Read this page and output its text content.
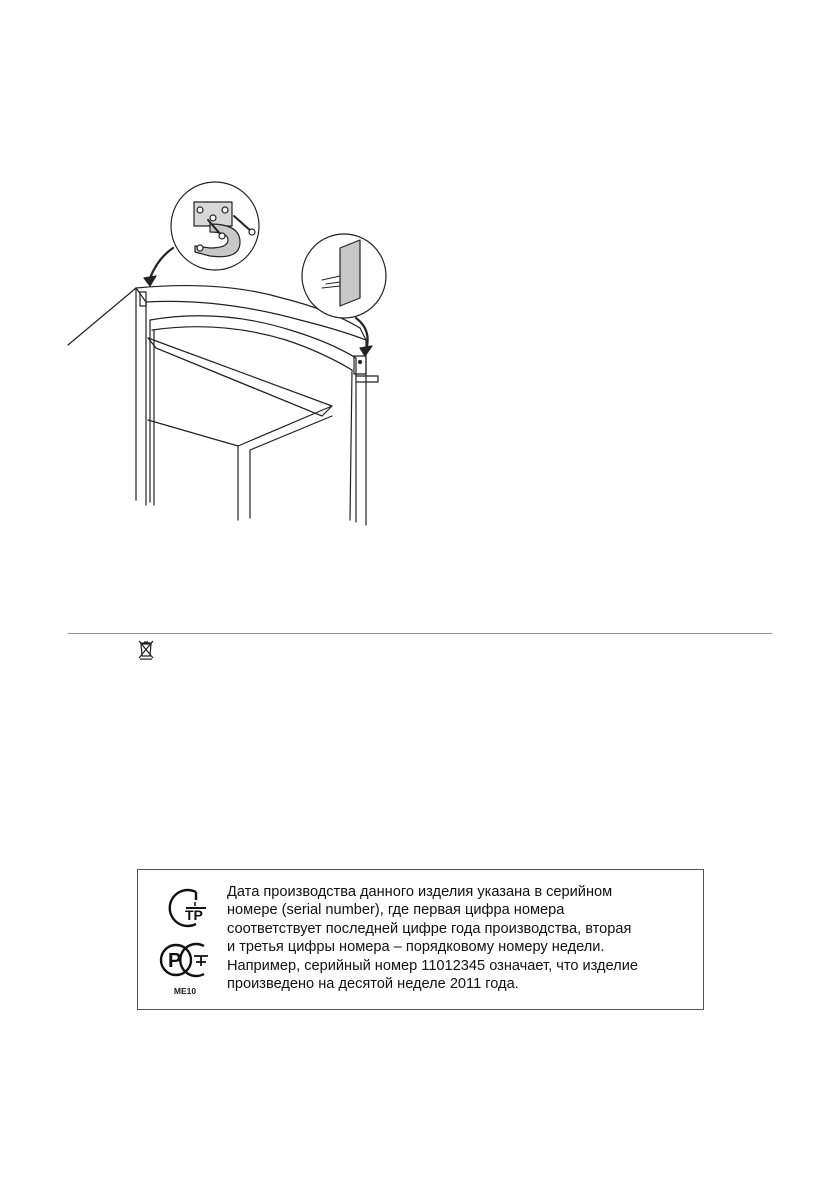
TP
P
ME10
Дата производства данного изделия указана в серийном
номере (serial number), где первая цифра номера
соответствует последней цифре года производства, вторая
и третья цифры номера – порядковому номеру недели.
Например, серийный номер 11012345 означает, что изделие
произведено на десятой неделе 2011 года.
